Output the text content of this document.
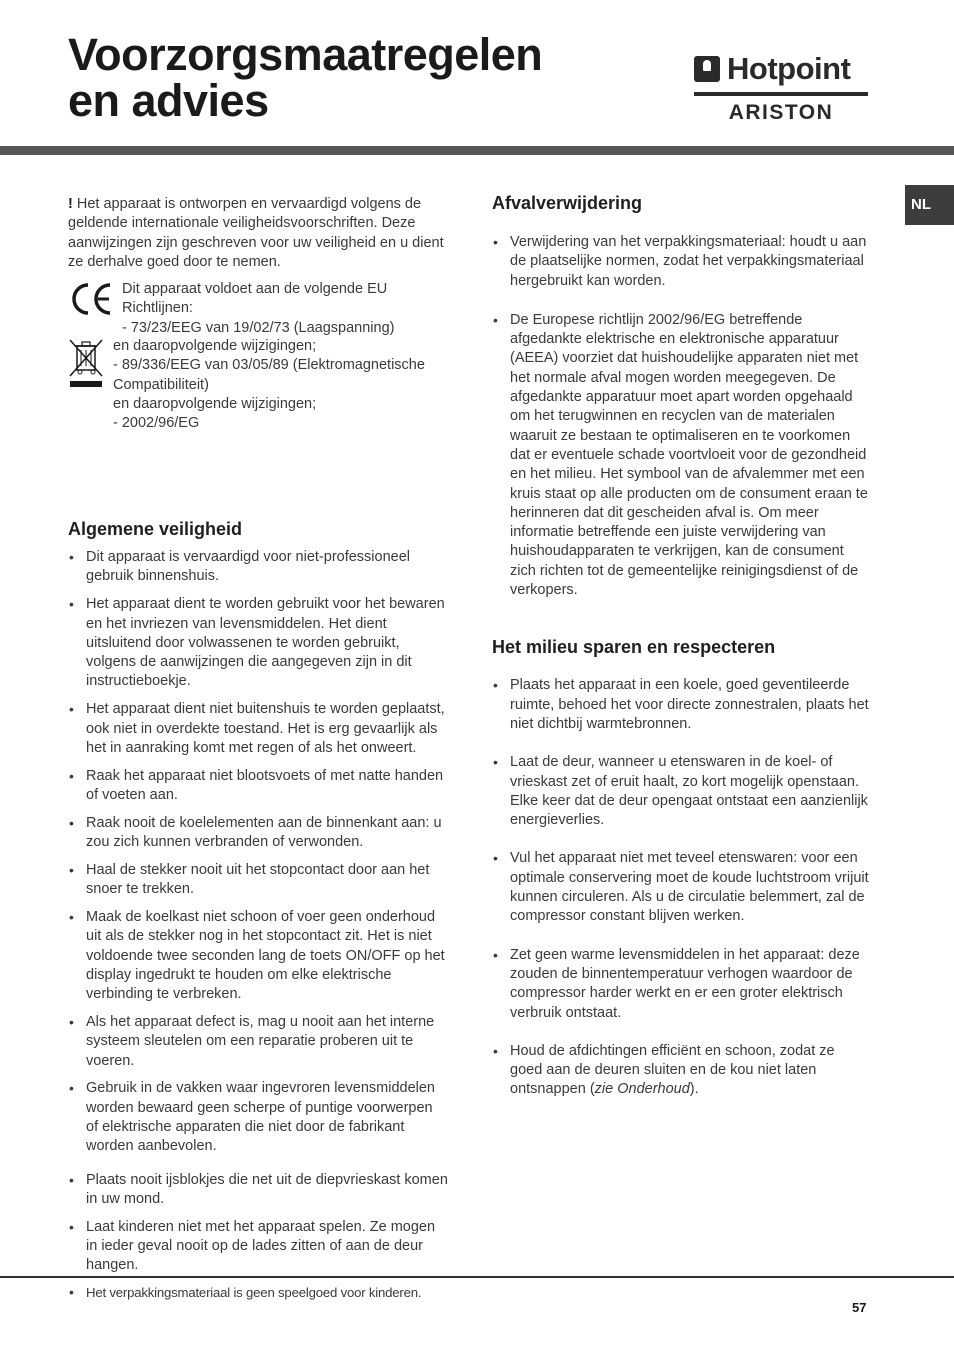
Voorzorgsmaatregelen
en advies
Hotpoint
ARISTON
NL

! Het apparaat is ontworpen en vervaardigd volgens de geldende internationale veiligheidsvoorschriften. Deze aanwijzingen zijn geschreven voor uw veiligheid en u dient ze derhalve goed door te nemen.

Dit apparaat voldoet aan de volgende EU Richtlijnen:

- 73/23/EEG van 19/02/73 (Laagspanning)

en daaropvolgende wijzigingen;

- 89/336/EEG van 03/05/89 (Elektromagnetische Compatibiliteit)

en daaropvolgende wijzigingen;

- 2002/96/EG

Algemene veiligheid
• Dit apparaat is vervaardigd voor niet-professioneel gebruik binnenshuis.
• Het apparaat dient te worden gebruikt voor het bewaren en het invriezen van levensmiddelen. Het dient uitsluitend door volwassenen te worden gebruikt, volgens de aanwijzingen die aangegeven zijn in dit instructieboekje.
• Het apparaat dient niet buitenshuis te worden geplaatst, ook niet in overdekte toestand. Het is erg gevaarlijk als het in aanraking komt met regen of als het onweert.
• Raak het apparaat niet blootsvoets of met natte handen of voeten aan.
• Raak nooit de koelelementen aan de binnenkant aan: u zou zich kunnen verbranden of verwonden.
• Haal de stekker nooit uit het stopcontact door aan het snoer te trekken.
• Maak de koelkast niet schoon of voer geen onderhoud uit als de stekker nog in het stopcontact zit. Het is niet voldoende twee seconden lang de toets ON/OFF op het display ingedrukt te houden om elke elektrische verbinding te verbreken.
• Als het apparaat defect is, mag u nooit aan het interne systeem sleutelen om een reparatie proberen uit te voeren.
• Gebruik in de vakken waar ingevroren levensmiddelen worden bewaard geen scherpe of puntige voorwerpen of elektrische apparaten die niet door de fabrikant worden aanbevolen.
• Plaats nooit ijsblokjes die net uit de diepvrieskast komen in uw mond.
• Laat kinderen niet met het apparaat spelen. Ze mogen in ieder geval nooit op de lades zitten of aan de deur hangen.
• Het verpakkingsmateriaal is geen speelgoed voor kinderen.
Afvalverwijdering
• Verwijdering van het verpakkingsmateriaal: houdt u aan de plaatselijke normen, zodat het verpakkingsmateriaal hergebruikt kan worden.
• De Europese richtlijn 2002/96/EG betreffende afgedankte elektrische en elektronische apparatuur (AEEA) voorziet dat huishoudelijke apparaten niet met het normale afval mogen worden meegegeven. De afgedankte apparatuur moet apart worden opgehaald om het terugwinnen en recyclen van de materialen waaruit ze bestaan te optimaliseren en te voorkomen dat er eventuele schade voortvloeit voor de gezondheid en het milieu. Het symbool van de afvalemmer met een kruis staat op alle producten om de consument eraan te herinneren dat dit gescheiden afval is. Om meer informatie betreffende een juiste verwijdering van huishoudapparaten te verkrijgen, kan de consument zich richten tot de gemeentelijke reinigingsdienst of de verkopers.
Het milieu sparen en respecteren
• Plaats het apparaat in een koele, goed geventileerde ruimte, behoed het voor directe zonnestralen, plaats het niet dichtbij warmtebronnen.
• Laat de deur, wanneer u etenswaren in de koel- of vrieskast zet of eruit haalt, zo kort mogelijk openstaan. Elke keer dat de deur opengaat ontstaat een aanzienlijk energieverlies.
• Vul het apparaat niet met teveel etenswaren: voor een optimale conservering moet de koude luchtstroom vrijuit kunnen circuleren. Als u de circulatie belemmert, zal de compressor constant blijven werken.
• Zet geen warme levensmiddelen in het apparaat: deze zouden de binnentemperatuur verhogen waardoor de compressor harder werkt en er een groter elektrisch verbruik ontstaat.
• Houd de afdichtingen efficiënt en schoon, zodat ze goed aan de deuren sluiten en de kou niet laten ontsnappen (zie Onderhoud).
57
